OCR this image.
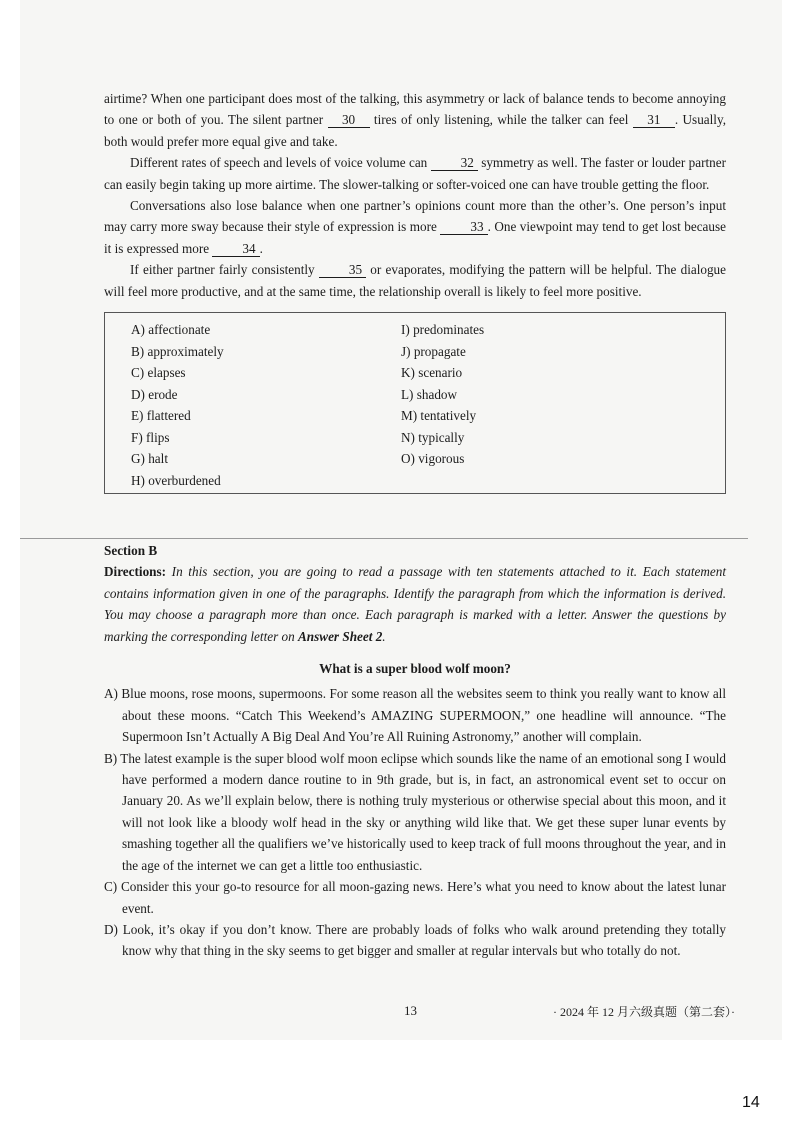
airtime? When one participant does most of the talking, this asymmetry or lack of balance tends to become annoying to one or both of you. The silent partner 30 tires of only listening, while the talker can feel 31 . Usually, both would prefer more equal give and take.

Different rates of speech and levels of voice volume can 32 symmetry as well. The faster or louder partner can easily begin taking up more airtime. The slower-talking or softer-voiced one can have trouble getting the floor.

Conversations also lose balance when one partner’s opinions count more than the other’s. One person’s input may carry more sway because their style of expression is more 33 . One viewpoint may tend to get lost because it is expressed more 34 .

If either partner fairly consistently 35 or evaporates, modifying the pattern will be helpful. The dialogue will feel more productive, and at the same time, the relationship overall is likely to feel more positive.

A) affectionate
B) approximately
C) elapses
D) erode
E) flattered
F) flips
G) halt
H) overburdened
I) predominates
J) propagate
K) scenario
L) shadow
M) tentatively
N) typically
O) vigorous
Section B

Directions: In this section, you are going to read a passage with ten statements attached to it. Each statement contains information given in one of the paragraphs. Identify the paragraph from which the information is derived. You may choose a paragraph more than once. Each paragraph is marked with a letter. Answer the questions by marking the corresponding letter on Answer Sheet 2.

What is a super blood wolf moon?

A) Blue moons, rose moons, supermoons. For some reason all the websites seem to think you really want to know all about these moons. “Catch This Weekend’s AMAZING SUPERMOON,” one headline will announce. “The Supermoon Isn’t Actually A Big Deal And You’re All Ruining Astronomy,” another will complain.

B) The latest example is the super blood wolf moon eclipse which sounds like the name of an emotional song I would have performed a modern dance routine to in 9th grade, but is, in fact, an astronomical event set to occur on January 20. As we’ll explain below, there is nothing truly mysterious or otherwise special about this moon, and it will not look like a bloody wolf head in the sky or anything wild like that. We get these super lunar events by smashing together all the qualifiers we’ve historically used to keep track of full moons throughout the year, and in the age of the internet we can get a little too enthusiastic.

C) Consider this your go-to resource for all moon-gazing news. Here’s what you need to know about the latest lunar event.

D) Look, it’s okay if you don’t know. There are probably loads of folks who walk around pretending they totally know why that thing in the sky seems to get bigger and smaller at regular intervals but who totally do not.

13	· 2024 年 12 月六级真题（第二套）·
14
